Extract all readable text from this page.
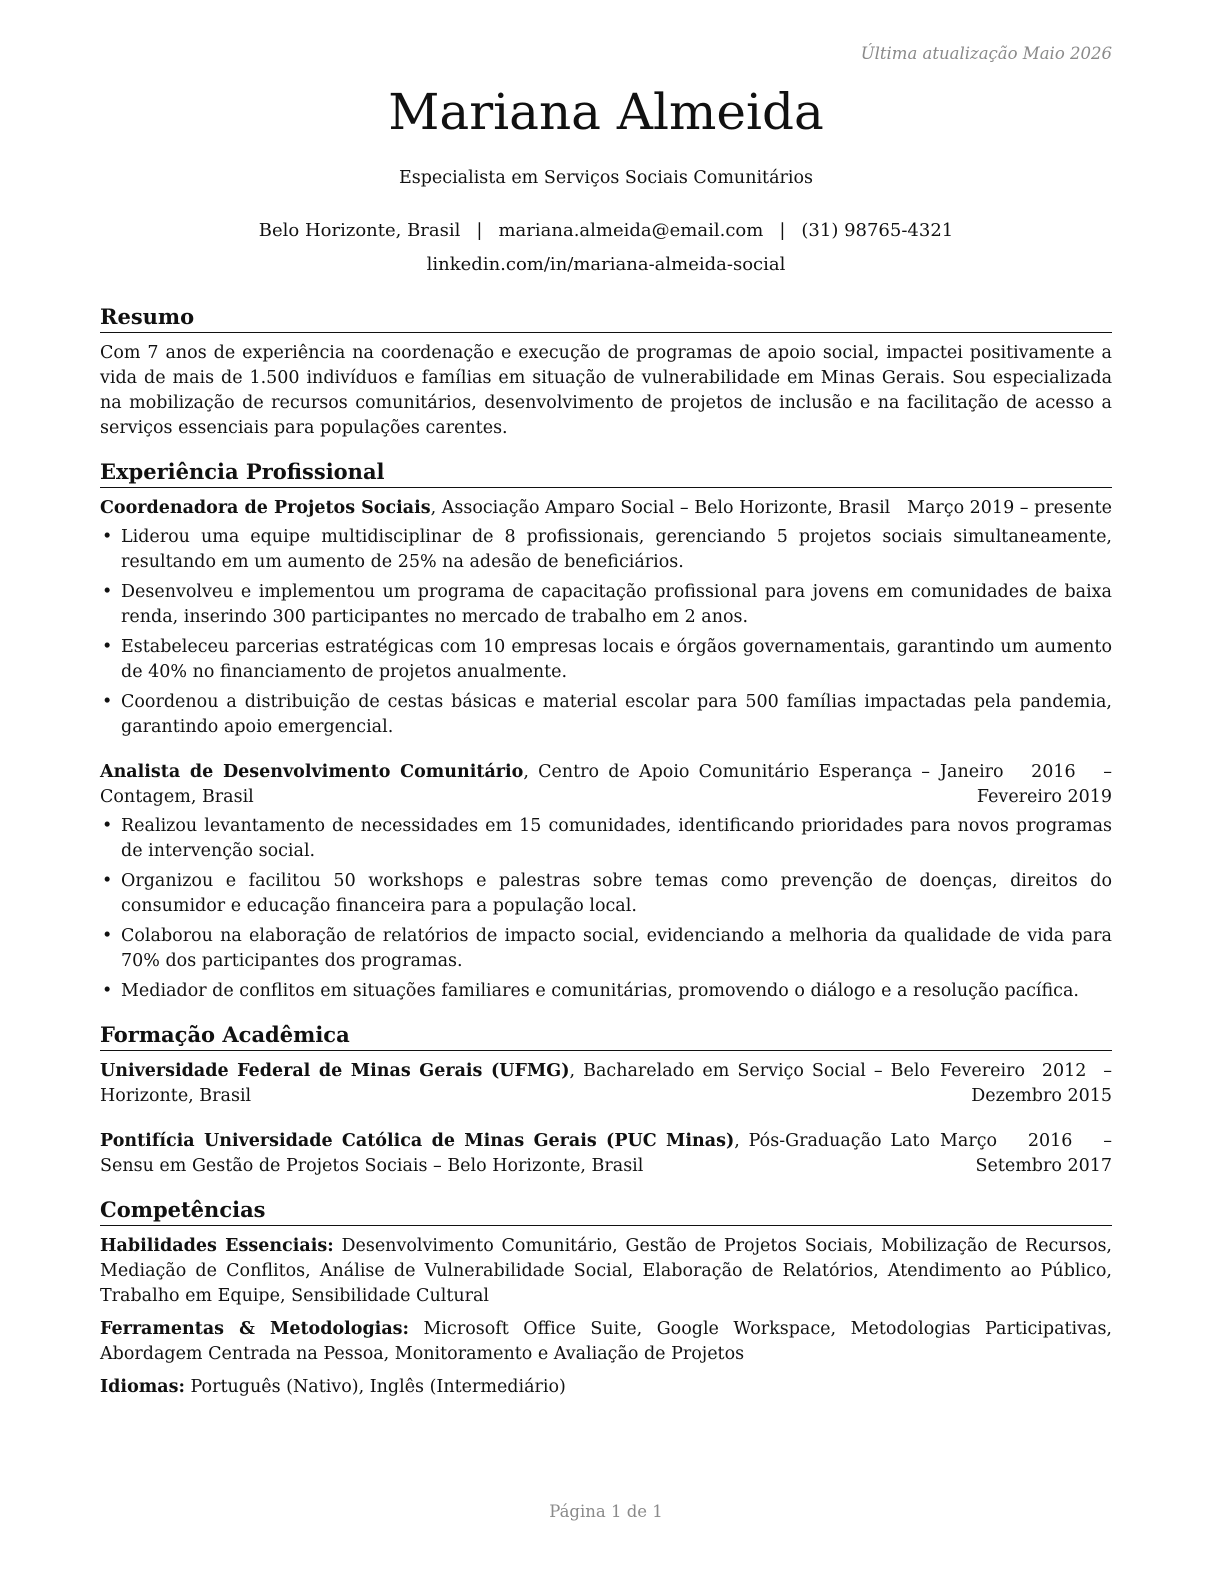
Última atualização Maio 2026
Mariana Almeida
Especialista em Serviços Sociais Comunitários
Belo Horizonte, Brasil | mariana.almeida@email.com | (31) 98765-4321
linkedin.com/in/mariana-almeida-social
Resumo

Com 7 anos de experiência na coordenação e execução de programas de apoio social, impactei positivamente a vida de mais de 1.500 indivíduos e famílias em situação de vulnerabilidade em Minas Gerais. Sou especializada na mobilização de recursos comunitários, desenvolvimento de projetos de inclusão e na facilitação de acesso a serviços essenciais para populações carentes.

Experiência Profissional
Coordenadora de Projetos Sociais, Associação Amparo Social – Belo Horizonte, Brasil Março 2019 – presente
• Liderou uma equipe multidisciplinar de 8 profissionais, gerenciando 5 projetos sociais simultaneamente, resultando em um aumento de 25% na adesão de beneficiários.
• Desenvolveu e implementou um programa de capacitação profissional para jovens em comunidades de baixa renda, inserindo 300 participantes no mercado de trabalho em 2 anos.
• Estabeleceu parcerias estratégicas com 10 empresas locais e órgãos governamentais, garantindo um aumento de 40% no financiamento de projetos anualmente.
• Coordenou a distribuição de cestas básicas e material escolar para 500 famílias impactadas pela pandemia, garantindo apoio emergencial.
Analista de Desenvolvimento Comunitário, Centro de Apoio Comunitário Esperança – Contagem, Brasil
Janeiro 2016 – Fevereiro 2019
• Realizou levantamento de necessidades em 15 comunidades, identificando prioridades para novos programas de intervenção social.
• Organizou e facilitou 50 workshops e palestras sobre temas como prevenção de doenças, direitos do consumidor e educação financeira para a população local.
• Colaborou na elaboração de relatórios de impacto social, evidenciando a melhoria da qualidade de vida para 70% dos participantes dos programas.
• Mediador de conflitos em situações familiares e comunitárias, promovendo o diálogo e a resolução pacífica.
Formação Acadêmica
Universidade Federal de Minas Gerais (UFMG), Bacharelado em Serviço Social – Belo Horizonte, Brasil
Fevereiro 2012 – Dezembro 2015
Pontifícia Universidade Católica de Minas Gerais (PUC Minas), Pós-Graduação Lato Sensu em Gestão de Projetos Sociais – Belo Horizonte, Brasil
Março 2016 – Setembro 2017
Competências

Habilidades Essenciais: Desenvolvimento Comunitário, Gestão de Projetos Sociais, Mobilização de Recursos, Mediação de Conflitos, Análise de Vulnerabilidade Social, Elaboração de Relatórios, Atendimento ao Público, Trabalho em Equipe, Sensibilidade Cultural

Ferramentas & Metodologias: Microsoft Office Suite, Google Workspace, Metodologias Participativas, Abordagem Centrada na Pessoa, Monitoramento e Avaliação de Projetos

Idiomas: Português (Nativo), Inglês (Intermediário)

Página 1 de 1
